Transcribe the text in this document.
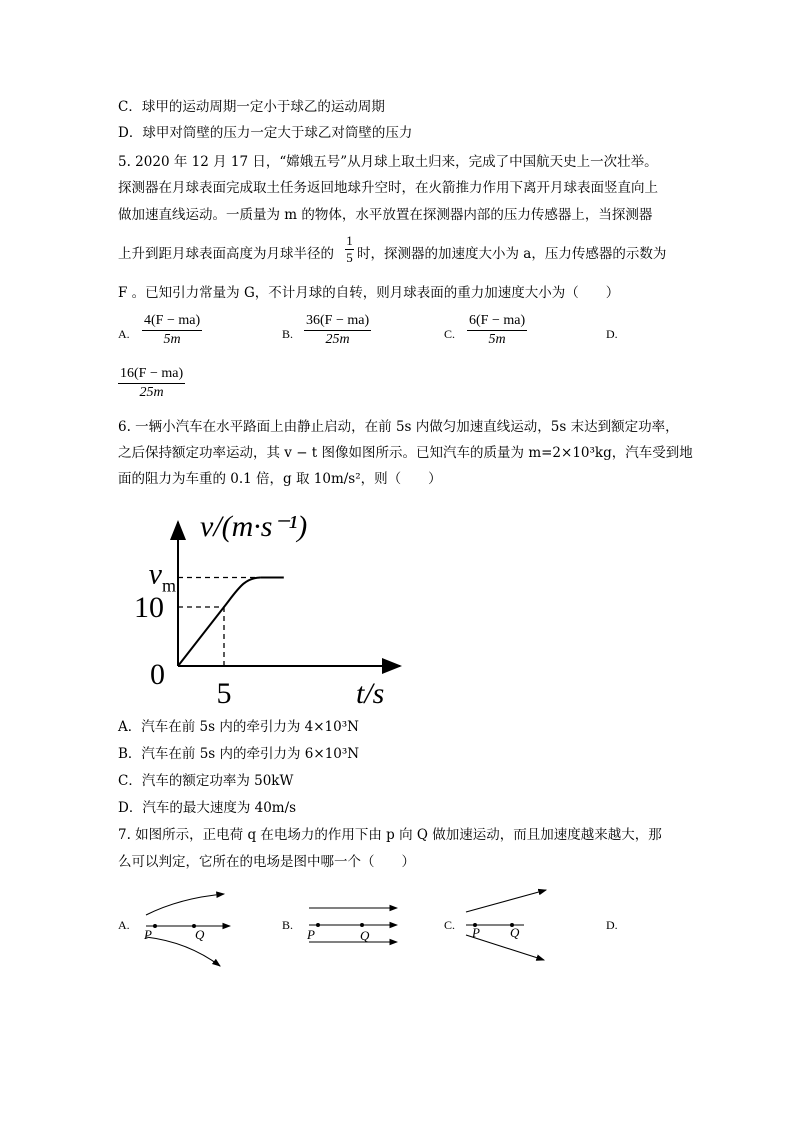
C．球甲的运动周期一定小于球乙的运动周期
D．球甲对筒壁的压力一定大于球乙对筒壁的压力
5. 2020 年 12 月 17 日，“嫦娥五号”从月球上取土归来，完成了中国航天史上一次壮举。
探测器在月球表面完成取土任务返回地球升空时，在火箭推力作用下离开月球表面竖直向上
做加速直线运动。一质量为 m 的物体，水平放置在探测器内部的压力传感器上，当探测器
上升到距月球表面高度为月球半径的
1
5 时，探测器的加速度大小为 a，压力传感器的示数为
F 。已知引力常量为 G，不计月球的自转，则月球表面的重力加速度大小为（　　）
A.
4(F − ma)
5m	B.
36(F − ma)
25m	C.
6(F − ma)
5m	D.
16(F − ma)
25m
6. 一辆小汽车在水平路面上由静止启动，在前 5s 内做匀加速直线运动，5s 末达到额定功率，
之后保持额定功率运动，其 v − t 图像如图所示。已知汽车的质量为 m=2×10³kg，汽车受到地
面的阻力为车重的 0.1 倍，g 取 10m/s²，则（　　）
v/(m·s⁻¹)
t/s
0
5
10
$v_m$
A．汽车在前 5s 内的牵引力为 4×10³N
B．汽车在前 5s 内的牵引力为 6×10³N
C．汽车的额定功率为 50kW
D．汽车的最大速度为 40m/s
7. 如图所示，正电荷 q 在电场力的作用下由 p 向 Q 做加速运动，而且加速度越来越大，那
么可以判定，它所在的电场是图中哪一个（　　）
A.
P	Q
B.
P	Q
C. P Q	D.
